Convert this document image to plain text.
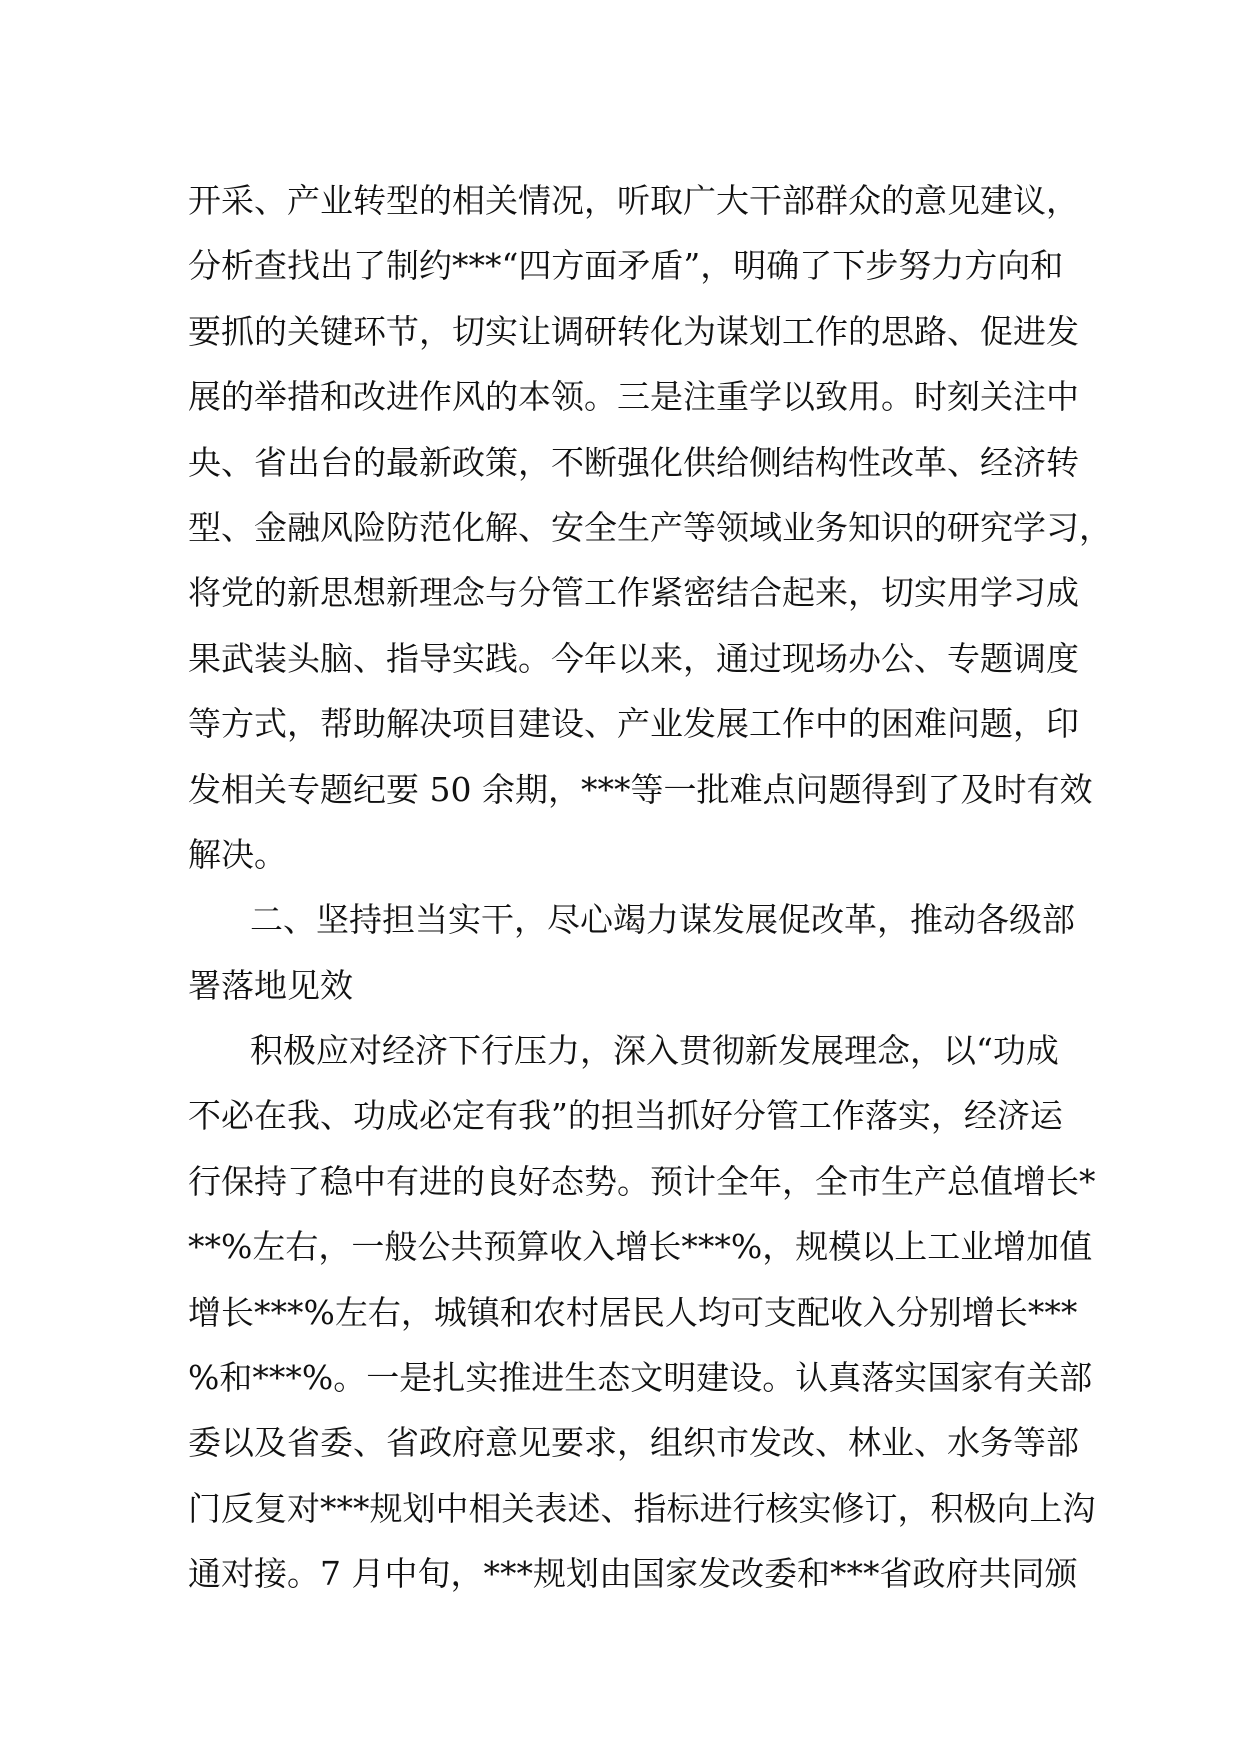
开采、产业转型的相关情况，听取广大干部群众的意见建议，
分析查找出了制约***“四方面矛盾”，明确了下步努力方向和
要抓的关键环节，切实让调研转化为谋划工作的思路、促进发
展的举措和改进作风的本领。三是注重学以致用。时刻关注中
央、省出台的最新政策，不断强化供给侧结构性改革、经济转
型、金融风险防范化解、安全生产等领域业务知识的研究学习，
将党的新思想新理念与分管工作紧密结合起来，切实用学习成
果武装头脑、指导实践。今年以来，通过现场办公、专题调度
等方式，帮助解决项目建设、产业发展工作中的困难问题，印
发相关专题纪要 50 余期，***等一批难点问题得到了及时有效
解决。
二、坚持担当实干，尽心竭力谋发展促改革，推动各级部
署落地见效
积极应对经济下行压力，深入贯彻新发展理念，以“功成
不必在我、功成必定有我”的担当抓好分管工作落实，经济运
行保持了稳中有进的良好态势。预计全年，全市生产总值增长*
**%左右，一般公共预算收入增长***%，规模以上工业增加值
增长***%左右，城镇和农村居民人均可支配收入分别增长***
%和***%。一是扎实推进生态文明建设。认真落实国家有关部
委以及省委、省政府意见要求，组织市发改、林业、水务等部
门反复对***规划中相关表述、指标进行核实修订，积极向上沟
通对接。7 月中旬，***规划由国家发改委和***省政府共同颁
